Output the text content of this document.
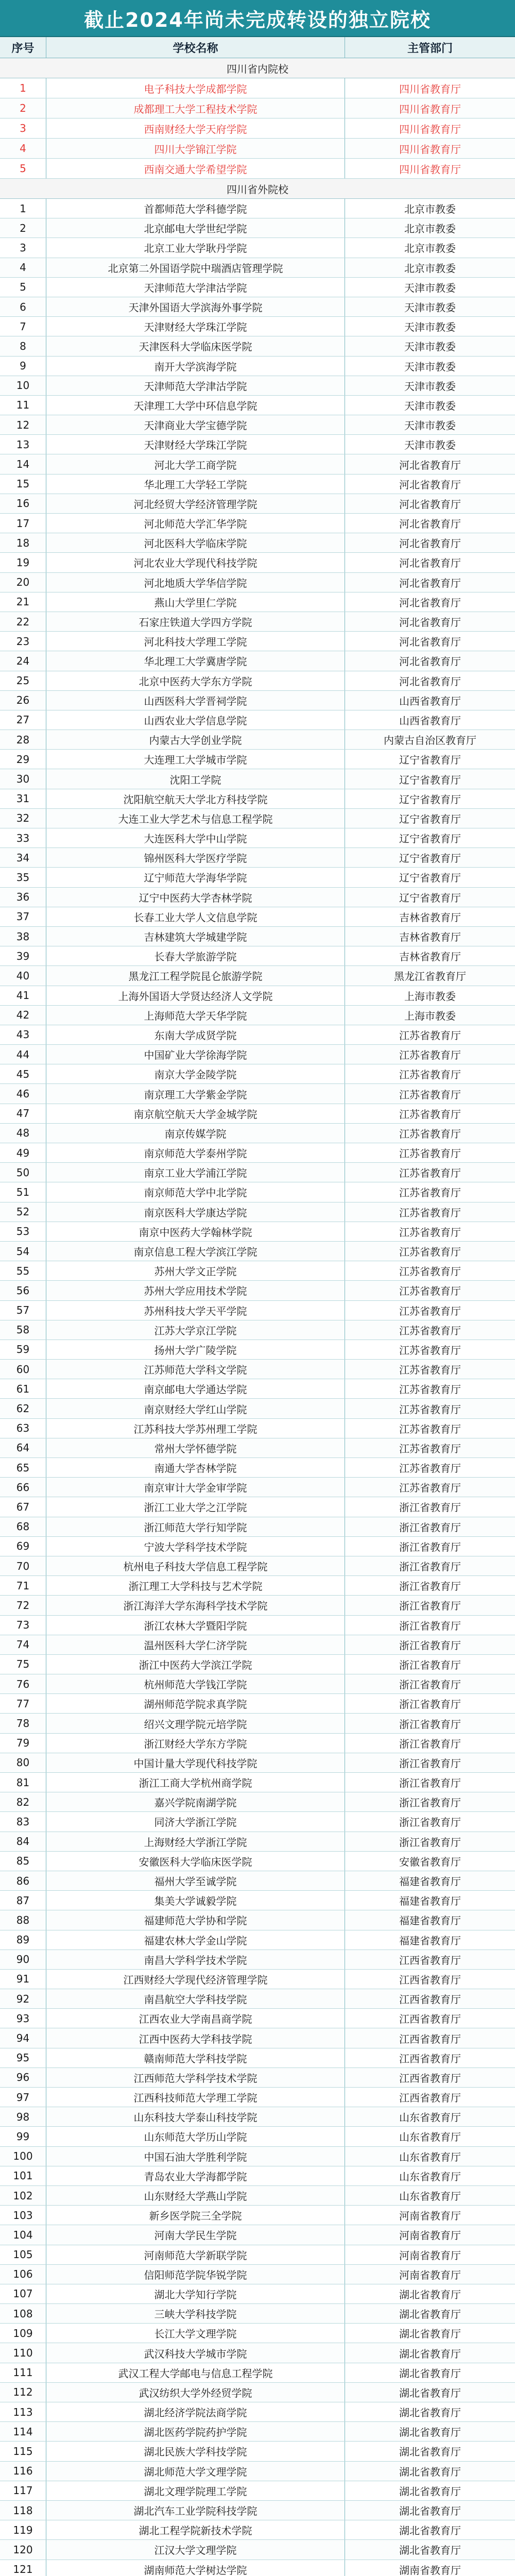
截止2024年尚未完成转设的独立院校
序号	学校名称	主管部门
四川省内院校
1	电子科技大学成都学院	四川省教育厅
2	成都理工大学工程技术学院	四川省教育厅
3	西南财经大学天府学院	四川省教育厅
4	四川大学锦江学院	四川省教育厅
5	西南交通大学希望学院	四川省教育厅
四川省外院校
1	首都师范大学科德学院	北京市教委
2	北京邮电大学世纪学院	北京市教委
3	北京工业大学耿丹学院	北京市教委
4	北京第二外国语学院中瑞酒店管理学院	北京市教委
5	天津师范大学津沽学院	天津市教委
6	天津外国语大学滨海外事学院	天津市教委
7	天津财经大学珠江学院	天津市教委
8	天津医科大学临床医学院	天津市教委
9	南开大学滨海学院	天津市教委
10	天津师范大学津沽学院	天津市教委
11	天津理工大学中环信息学院	天津市教委
12	天津商业大学宝德学院	天津市教委
13	天津财经大学珠江学院	天津市教委
14	河北大学工商学院	河北省教育厅
15	华北理工大学轻工学院	河北省教育厅
16	河北经贸大学经济管理学院	河北省教育厅
17	河北师范大学汇华学院	河北省教育厅
18	河北医科大学临床学院	河北省教育厅
19	河北农业大学现代科技学院	河北省教育厅
20	河北地质大学华信学院	河北省教育厅
21	燕山大学里仁学院	河北省教育厅
22	石家庄铁道大学四方学院	河北省教育厅
23	河北科技大学理工学院	河北省教育厅
24	华北理工大学冀唐学院	河北省教育厅
25	北京中医药大学东方学院	河北省教育厅
26	山西医科大学晋祠学院	山西省教育厅
27	山西农业大学信息学院	山西省教育厅
28	内蒙古大学创业学院	内蒙古自治区教育厅
29	大连理工大学城市学院	辽宁省教育厅
30	沈阳工学院	辽宁省教育厅
31	沈阳航空航天大学北方科技学院	辽宁省教育厅
32	大连工业大学艺术与信息工程学院	辽宁省教育厅
33	大连医科大学中山学院	辽宁省教育厅
34	锦州医科大学医疗学院	辽宁省教育厅
35	辽宁师范大学海华学院	辽宁省教育厅
36	辽宁中医药大学杏林学院	辽宁省教育厅
37	长春工业大学人文信息学院	吉林省教育厅
38	吉林建筑大学城建学院	吉林省教育厅
39	长春大学旅游学院	吉林省教育厅
40	黑龙江工程学院昆仑旅游学院	黑龙江省教育厅
41	上海外国语大学贤达经济人文学院	上海市教委
42	上海师范大学天华学院	上海市教委
43	东南大学成贤学院	江苏省教育厅
44	中国矿业大学徐海学院	江苏省教育厅
45	南京大学金陵学院	江苏省教育厅
46	南京理工大学紫金学院	江苏省教育厅
47	南京航空航天大学金城学院	江苏省教育厅
48	南京传媒学院	江苏省教育厅
49	南京师范大学泰州学院	江苏省教育厅
50	南京工业大学浦江学院	江苏省教育厅
51	南京师范大学中北学院	江苏省教育厅
52	南京医科大学康达学院	江苏省教育厅
53	南京中医药大学翰林学院	江苏省教育厅
54	南京信息工程大学滨江学院	江苏省教育厅
55	苏州大学文正学院	江苏省教育厅
56	苏州大学应用技术学院	江苏省教育厅
57	苏州科技大学天平学院	江苏省教育厅
58	江苏大学京江学院	江苏省教育厅
59	扬州大学广陵学院	江苏省教育厅
60	江苏师范大学科文学院	江苏省教育厅
61	南京邮电大学通达学院	江苏省教育厅
62	南京财经大学红山学院	江苏省教育厅
63	江苏科技大学苏州理工学院	江苏省教育厅
64	常州大学怀德学院	江苏省教育厅
65	南通大学杏林学院	江苏省教育厅
66	南京审计大学金审学院	江苏省教育厅
67	浙江工业大学之江学院	浙江省教育厅
68	浙江师范大学行知学院	浙江省教育厅
69	宁波大学科学技术学院	浙江省教育厅
70	杭州电子科技大学信息工程学院	浙江省教育厅
71	浙江理工大学科技与艺术学院	浙江省教育厅
72	浙江海洋大学东海科学技术学院	浙江省教育厅
73	浙江农林大学暨阳学院	浙江省教育厅
74	温州医科大学仁济学院	浙江省教育厅
75	浙江中医药大学滨江学院	浙江省教育厅
76	杭州师范大学钱江学院	浙江省教育厅
77	湖州师范学院求真学院	浙江省教育厅
78	绍兴文理学院元培学院	浙江省教育厅
79	浙江财经大学东方学院	浙江省教育厅
80	中国计量大学现代科技学院	浙江省教育厅
81	浙江工商大学杭州商学院	浙江省教育厅
82	嘉兴学院南湖学院	浙江省教育厅
83	同济大学浙江学院	浙江省教育厅
84	上海财经大学浙江学院	浙江省教育厅
85	安徽医科大学临床医学院	安徽省教育厅
86	福州大学至诚学院	福建省教育厅
87	集美大学诚毅学院	福建省教育厅
88	福建师范大学协和学院	福建省教育厅
89	福建农林大学金山学院	福建省教育厅
90	南昌大学科学技术学院	江西省教育厅
91	江西财经大学现代经济管理学院	江西省教育厅
92	南昌航空大学科技学院	江西省教育厅
93	江西农业大学南昌商学院	江西省教育厅
94	江西中医药大学科技学院	江西省教育厅
95	赣南师范大学科技学院	江西省教育厅
96	江西师范大学科学技术学院	江西省教育厅
97	江西科技师范大学理工学院	江西省教育厅
98	山东科技大学泰山科技学院	山东省教育厅
99	山东师范大学历山学院	山东省教育厅
100	中国石油大学胜利学院	山东省教育厅
101	青岛农业大学海都学院	山东省教育厅
102	山东财经大学燕山学院	山东省教育厅
103	新乡医学院三全学院	河南省教育厅
104	河南大学民生学院	河南省教育厅
105	河南师范大学新联学院	河南省教育厅
106	信阳师范学院华锐学院	河南省教育厅
107	湖北大学知行学院	湖北省教育厅
108	三峡大学科技学院	湖北省教育厅
109	长江大学文理学院	湖北省教育厅
110	武汉科技大学城市学院	湖北省教育厅
111	武汉工程大学邮电与信息工程学院	湖北省教育厅
112	武汉纺织大学外经贸学院	湖北省教育厅
113	湖北经济学院法商学院	湖北省教育厅
114	湖北医药学院药护学院	湖北省教育厅
115	湖北民族大学科技学院	湖北省教育厅
116	湖北师范大学文理学院	湖北省教育厅
117	湖北文理学院理工学院	湖北省教育厅
118	湖北汽车工业学院科技学院	湖北省教育厅
119	湖北工程学院新技术学院	湖北省教育厅
120	江汉大学文理学院	湖北省教育厅
121	湖南师范大学树达学院	湖南省教育厅
